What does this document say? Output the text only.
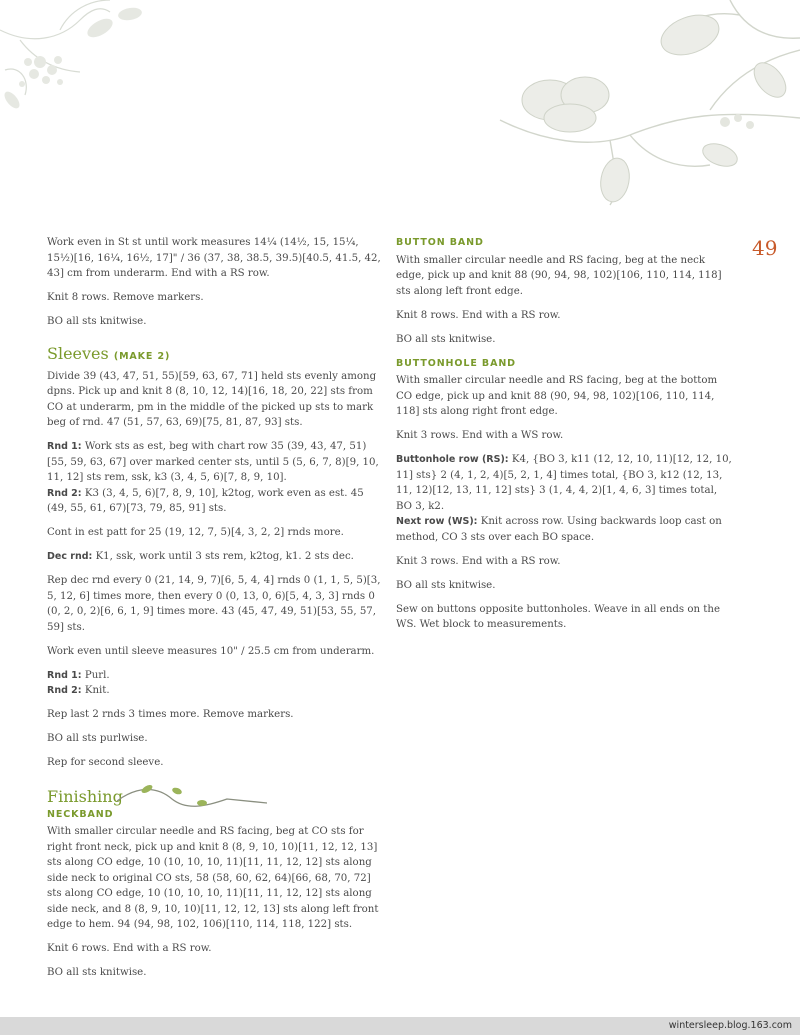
49

Work even in St st until work measures 14¼ (14½, 15, 15¼, 15½)[16, 16¼, 16½, 17]" / 36 (37, 38, 38.5, 39.5)[40.5, 41.5, 42, 43] cm from underarm. End with a RS row.

Knit 8 rows. Remove markers.

BO all sts knitwise.

Sleeves (MAKE 2)

Divide 39 (43, 47, 51, 55)[59, 63, 67, 71] held sts evenly among dpns. Pick up and knit 8 (8, 10, 12, 14)[16, 18, 20, 22] sts from CO at underarm, pm in the middle of the picked up sts to mark beg of rnd. 47 (51, 57, 63, 69)[75, 81, 87, 93] sts.

Rnd 1: Work sts as est, beg with chart row 35 (39, 43, 47, 51)[55, 59, 63, 67] over marked center sts, until 5 (5, 6, 7, 8)[9, 10, 11, 12] sts rem, ssk, k3 (3, 4, 5, 6)[7, 8, 9, 10].

Rnd 2: K3 (3, 4, 5, 6)[7, 8, 9, 10], k2tog, work even as est. 45 (49, 55, 61, 67)[73, 79, 85, 91] sts.

Cont in est patt for 25 (19, 12, 7, 5)[4, 3, 2, 2] rnds more.

Dec rnd: K1, ssk, work until 3 sts rem, k2tog, k1. 2 sts dec.

Rep dec rnd every 0 (21, 14, 9, 7)[6, 5, 4, 4] rnds 0 (1, 1, 5, 5)[3, 5, 12, 6] times more, then every 0 (0, 13, 0, 6)[5, 4, 3, 3] rnds 0 (0, 2, 0, 2)[6, 6, 1, 9] times more. 43 (45, 47, 49, 51)[53, 55, 57, 59] sts.

Work even until sleeve measures 10" / 25.5 cm from underarm.

Rnd 1: Purl.

Rnd 2: Knit.

Rep last 2 rnds 3 times more. Remove markers.

BO all sts purlwise.

Rep for second sleeve.

Finishing
NECKBAND

With smaller circular needle and RS facing, beg at CO sts for right front neck, pick up and knit 8 (8, 9, 10, 10)[11, 12, 12, 13] sts along CO edge, 10 (10, 10, 10, 11)[11, 11, 12, 12] sts along side neck to original CO sts, 58 (58, 60, 62, 64)[66, 68, 70, 72] sts along CO edge, 10 (10, 10, 10, 11)[11, 11, 12, 12] sts along side neck, and 8 (8, 9, 10, 10)[11, 12, 12, 13] sts along left front edge to hem. 94 (94, 98, 102, 106)[110, 114, 118, 122] sts.

Knit 6 rows. End with a RS row.

BO all sts knitwise.

BUTTON BAND

With smaller circular needle and RS facing, beg at the neck edge, pick up and knit 88 (90, 94, 98, 102)[106, 110, 114, 118] sts along left front edge.

Knit 8 rows. End with a RS row.

BO all sts knitwise.

BUTTONHOLE BAND

With smaller circular needle and RS facing, beg at the bottom CO edge, pick up and knit 88 (90, 94, 98, 102)[106, 110, 114, 118] sts along right front edge.

Knit 3 rows. End with a WS row.

Buttonhole row (RS): K4, {BO 3, k11 (12, 12, 10, 11)[12, 12, 10, 11] sts} 2 (4, 1, 2, 4)[5, 2, 1, 4] times total, {BO 3, k12 (12, 13, 11, 12)[12, 13, 11, 12] sts} 3 (1, 4, 4, 2)[1, 4, 6, 3] times total, BO 3, k2.

Next row (WS): Knit across row. Using backwards loop cast on method, CO 3 sts over each BO space.

Knit 3 rows. End with a RS row.

BO all sts knitwise.

Sew on buttons opposite buttonholes. Weave in all ends on the WS. Wet block to measurements.

wintersleep.blog.163.com
